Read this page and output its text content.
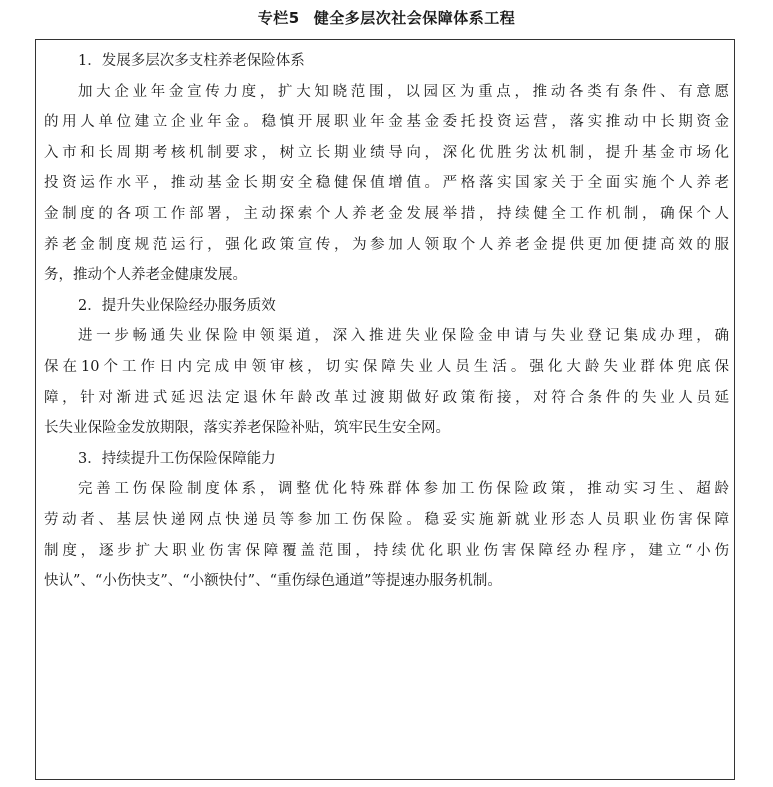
专栏5 健全多层次社会保障体系工程
1．发展多层次多支柱养老保险体系
加大企业年金宣传力度，扩大知晓范围，以园区为重点，推动各类有条件、有意愿
的用人单位建立企业年金。稳慎开展职业年金基金委托投资运营，落实推动中长期资金
入市和长周期考核机制要求，树立长期业绩导向，深化优胜劣汰机制，提升基金市场化
投资运作水平，推动基金长期安全稳健保值增值。严格落实国家关于全面实施个人养老
金制度的各项工作部署，主动探索个人养老金发展举措，持续健全工作机制，确保个人
养老金制度规范运行，强化政策宣传，为参加人领取个人养老金提供更加便捷高效的服
务，推动个人养老金健康发展。
2．提升失业保险经办服务质效
进一步畅通失业保险申领渠道，深入推进失业保险金申请与失业登记集成办理，确
保在10个工作日内完成申领审核，切实保障失业人员生活。强化大龄失业群体兜底保
障，针对渐进式延迟法定退休年龄改革过渡期做好政策衔接，对符合条件的失业人员延
长失业保险金发放期限，落实养老保险补贴，筑牢民生安全网。
3．持续提升工伤保险保障能力
完善工伤保险制度体系，调整优化特殊群体参加工伤保险政策，推动实习生、超龄
劳动者、基层快递网点快递员等参加工伤保险。稳妥实施新就业形态人员职业伤害保障
制度，逐步扩大职业伤害保障覆盖范围，持续优化职业伤害保障经办程序，建立“小伤
快认”、“小伤快支”、“小额快付”、“重伤绿色通道”等提速办服务机制。
